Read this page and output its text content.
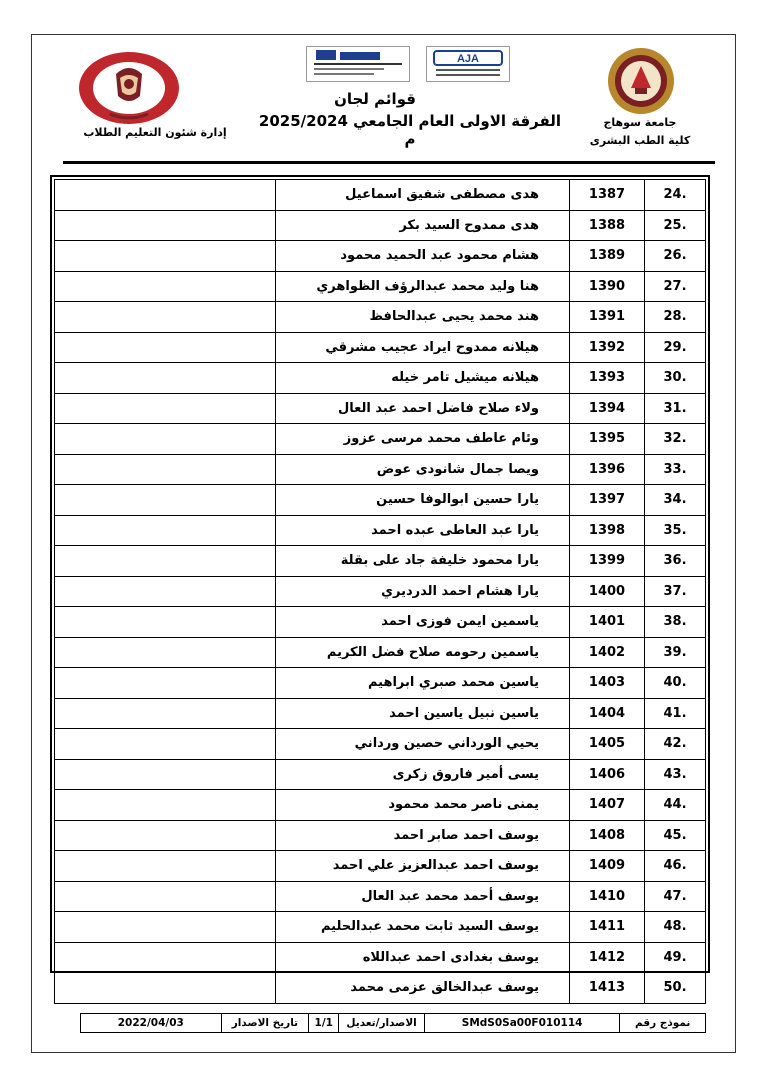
إدارة شئون التعليم الطلاب
AJA
قوائم لجان
الفرقة الاولى العام الجامعي 2025/2024 م
جامعة سوهاج
كلية الطب البشرى
24.	1387	هدى مصطفى شفيق اسماعيل	
25.	1388	هدى ممدوح السيد بكر	
26.	1389	هشام محمود عبد الحميد محمود	
27.	1390	هنا وليد محمد عبدالرؤف الظواهري	
28.	1391	هند محمد يحيى عبدالحافظ	
29.	1392	هيلانه ممدوح ايراد عجيب مشرقي	
30.	1393	هيلانه ميشيل تامر خيله	
31.	1394	ولاء صلاح فاضل احمد عبد العال	
32.	1395	وئام عاطف محمد مرسى عزوز	
33.	1396	ويصا جمال شانودى عوض	
34.	1397	يارا حسين ابوالوفا حسين	
35.	1398	يارا عبد العاطى عبده احمد	
36.	1399	يارا محمود خليفة جاد على بقلة	
37.	1400	يارا هشام احمد الدرديري	
38.	1401	ياسمين ايمن فوزى احمد	
39.	1402	ياسمين رحومه صلاح فضل الكريم	
40.	1403	ياسين محمد صبري ابراهيم	
41.	1404	ياسين نبيل ياسين احمد	
42.	1405	يحيي الورداني حصين ورداني	
43.	1406	يسى أمير فاروق زكرى	
44.	1407	يمنى ناصر محمد محمود	
45.	1408	يوسف احمد صابر احمد	
46.	1409	يوسف احمد عبدالعزيز علي احمد	
47.	1410	يوسف أحمد محمد عبد العال	
48.	1411	يوسف السيد ثابت محمد عبدالحليم	
49.	1412	يوسف بغدادى احمد عبداللاه	
50.	1413	يوسف عبدالخالق عزمى محمد	
نموذج رقم
SMdS0Sa00F010114
الاصدار/تعديل
1/1
تاريخ الاصدار
2022/04/03
